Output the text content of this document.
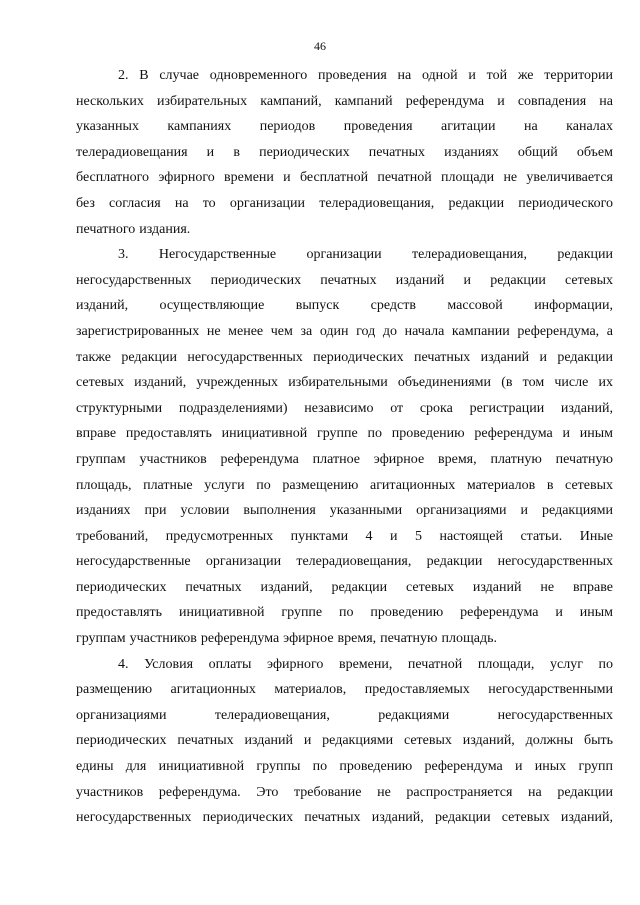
46
2. В случае одновременного проведения на одной и той же территории
нескольких избирательных кампаний, кампаний референдума и совпадения на
указанных кампаниях периодов проведения агитации на каналах
телерадиовещания и в периодических печатных изданиях общий объем
бесплатного эфирного времени и бесплатной печатной площади не увеличивается
без согласия на то организации телерадиовещания, редакции периодического
печатного издания.
3. Негосударственные организации телерадиовещания, редакции
негосударственных периодических печатных изданий и редакции сетевых
изданий, осуществляющие выпуск средств массовой информации,
зарегистрированных не менее чем за один год до начала кампании референдума, а
также редакции негосударственных периодических печатных изданий и редакции
сетевых изданий, учрежденных избирательными объединениями (в том числе их
структурными подразделениями) независимо от срока регистрации изданий,
вправе предоставлять инициативной группе по проведению референдума и иным
группам участников референдума платное эфирное время, платную печатную
площадь, платные услуги по размещению агитационных материалов в сетевых
изданиях при условии выполнения указанными организациями и редакциями
требований, предусмотренных пунктами 4 и 5 настоящей статьи. Иные
негосударственные организации телерадиовещания, редакции негосударственных
периодических печатных изданий, редакции сетевых изданий не вправе
предоставлять инициативной группе по проведению референдума и иным
группам участников референдума эфирное время, печатную площадь.
4. Условия оплаты эфирного времени, печатной площади, услуг по
размещению агитационных материалов, предоставляемых негосударственными
организациями телерадиовещания, редакциями негосударственных
периодических печатных изданий и редакциями сетевых изданий, должны быть
едины для инициативной группы по проведению референдума и иных групп
участников референдума. Это требование не распространяется на редакции
негосударственных периодических печатных изданий, редакции сетевых изданий,
